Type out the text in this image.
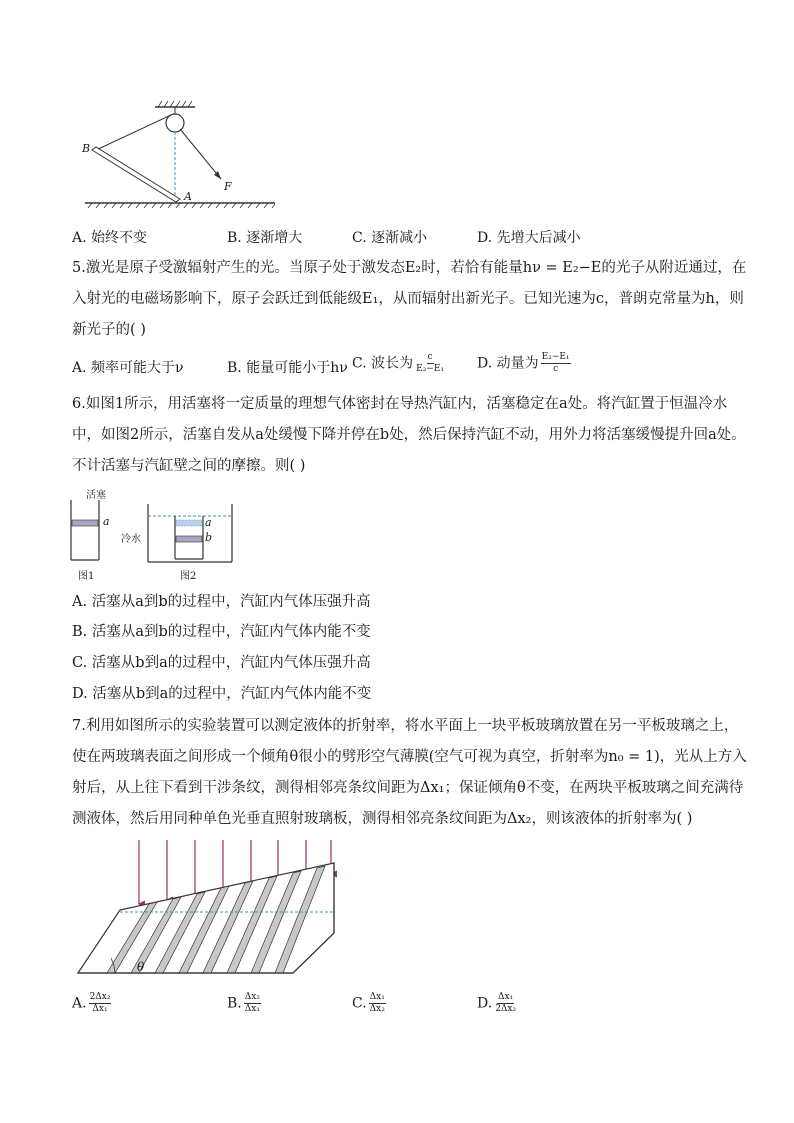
B
A
F
A. 始终不变	B. 逐渐增大	C. 逐渐减小	D. 先增大后减小
5.激光是原子受激辐射产生的光。当原子处于激发态E₂时，若恰有能量hν = E₂−E的光子从附近通过，在
入射光的电磁场影响下，原子会跃迁到低能级E₁，从而辐射出新光子。已知光速为c，普朗克常量为h，则
新光子的( )
A. 频率可能大于ν	B. 能量可能小于hν C. 波长为 $\frac{c}{\text{E₂−E₁}} D$. 动量为 $\frac{\text{E₂−E₁}}{c}$
6.如图1所示，用活塞将一定质量的理想气体密封在导热汽缸内，活塞稳定在a处。将汽缸置于恒温冷水
中，如图2所示，活塞自发从a处缓慢下降并停在b处，然后保持汽缸不动，用外力将活塞缓慢提升回a处。
不计活塞与汽缸壁之间的摩擦。则( )
活塞
a
图1
a
b
冷水
图2
A. 活塞从a到b的过程中，汽缸内气体压强升高
B. 活塞从a到b的过程中，汽缸内气体内能不变
C. 活塞从b到a的过程中，汽缸内气体压强升高
D. 活塞从b到a的过程中，汽缸内气体内能不变
7.利用如图所示的实验装置可以测定液体的折射率，将水平面上一块平板玻璃放置在另一平板玻璃之上，
使在两玻璃表面之间形成一个倾角θ很小的劈形空气薄膜(空气可视为真空，折射率为n₀ = 1)，光从上方入
射后，从上往下看到干涉条纹，测得相邻亮条纹间距为Δx₁；保证倾角θ不变，在两块平板玻璃之间充满待
测液体，然后用同种单色光垂直照射玻璃板，测得相邻亮条纹间距为Δx₂，则该液体的折射率为( )
θ
A. $\frac{\text{2Δx₂}}{\text{Δx₁}}$	B. $\frac{\text{Δx₂}}{\text{Δx₁}}$	C. $\frac{\text{Δx₁}}{\text{Δx₂}}$	D. $\frac{\text{Δx₁}}{\text{2Δx₂}}$
